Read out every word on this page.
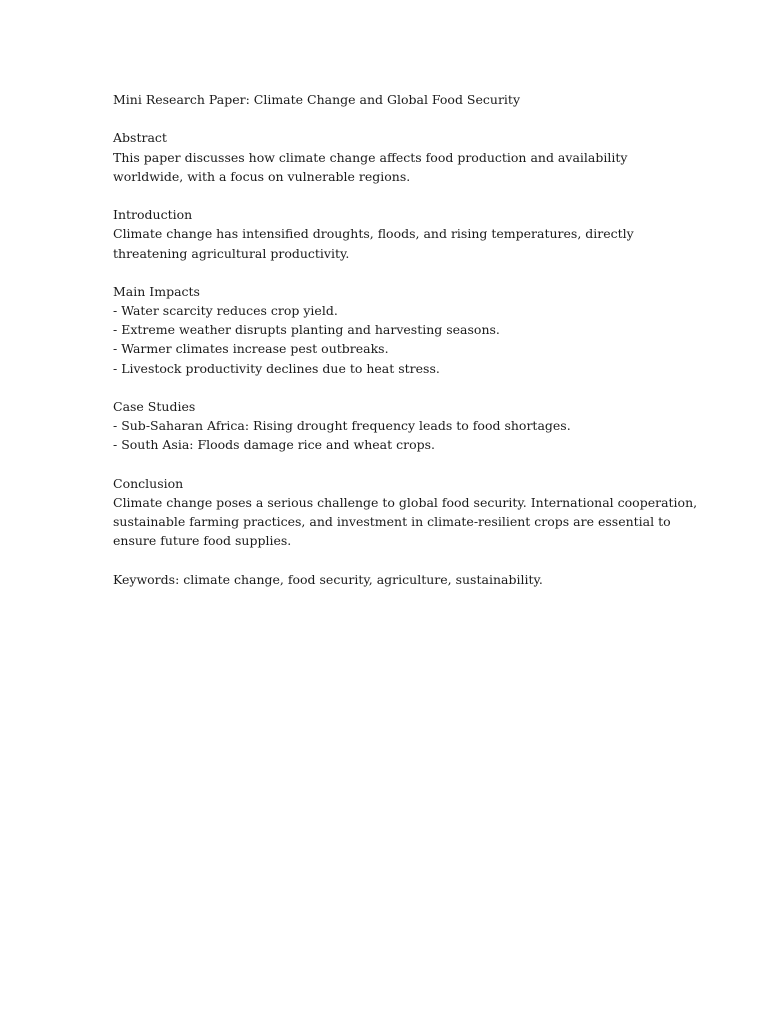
Mini Research Paper: Climate Change and Global Food Security
Abstract
This paper discusses how climate change affects food production and availability
worldwide, with a focus on vulnerable regions.
Introduction
Climate change has intensified droughts, floods, and rising temperatures, directly
threatening agricultural productivity.
Main Impacts
- Water scarcity reduces crop yield.
- Extreme weather disrupts planting and harvesting seasons.
- Warmer climates increase pest outbreaks.
- Livestock productivity declines due to heat stress.
Case Studies
- Sub-Saharan Africa: Rising drought frequency leads to food shortages.
- South Asia: Floods damage rice and wheat crops.
Conclusion
Climate change poses a serious challenge to global food security. International cooperation,
sustainable farming practices, and investment in climate-resilient crops are essential to
ensure future food supplies.
Keywords: climate change, food security, agriculture, sustainability.
